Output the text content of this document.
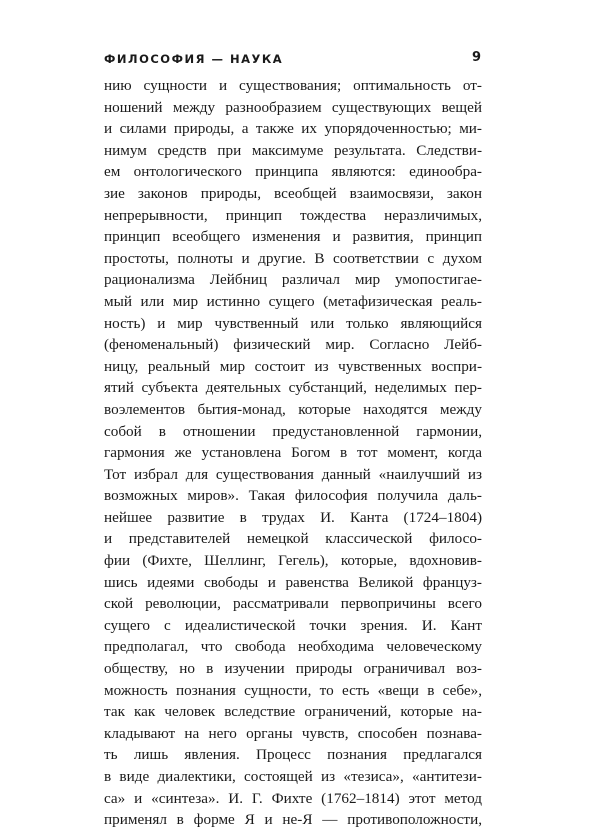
ФИЛОСОФИЯ — НАУКА	9
нию сущности и существования; оптимальность от-
ношений между разнообразием существующих вещей
и силами природы, а также их упорядоченностью; ми-
нимум средств при максимуме результата. Следстви-
ем онтологического принципа являются: единообра-
зие законов природы, всеобщей взаимосвязи, закон
непрерывности, принцип тождества неразличимых,
принцип всеобщего изменения и развития, принцип
простоты, полноты и другие. В соответствии с духом
рационализма Лейбниц различал мир умопостигае-
мый или мир истинно сущего (метафизическая реаль-
ность) и мир чувственный или только являющийся
(феноменальный) физический мир. Согласно Лейб-
ницу, реальный мир состоит из чувственных воспри-
ятий субъекта деятельных субстанций, неделимых пер-
воэлементов бытия-монад, которые находятся между
собой в отношении предустановленной гармонии,
гармония же установлена Богом в тот момент, когда
Тот избрал для существования данный «наилучший из
возможных миров». Такая философия получила даль-
нейшее развитие в трудах И. Канта (1724–1804)
и представителей немецкой классической филосо-
фии (Фихте, Шеллинг, Гегель), которые, вдохновив-
шись идеями свободы и равенства Великой француз-
ской революции, рассматривали первопричины всего
сущего с идеалистической точки зрения. И. Кант
предполагал, что свобода необходима человеческому
обществу, но в изучении природы ограничивал воз-
можность познания сущности, то есть «вещи в себе»,
так как человек вследствие ограничений, которые на-
кладывают на него органы чувств, способен познава-
ть лишь явления. Процесс познания предлагался
в виде диалектики, состоящей из «тезиса», «антитези-
са» и «синтеза». И. Г. Фихте (1762–1814) этот метод
применял в форме Я и не-Я — противоположности,
